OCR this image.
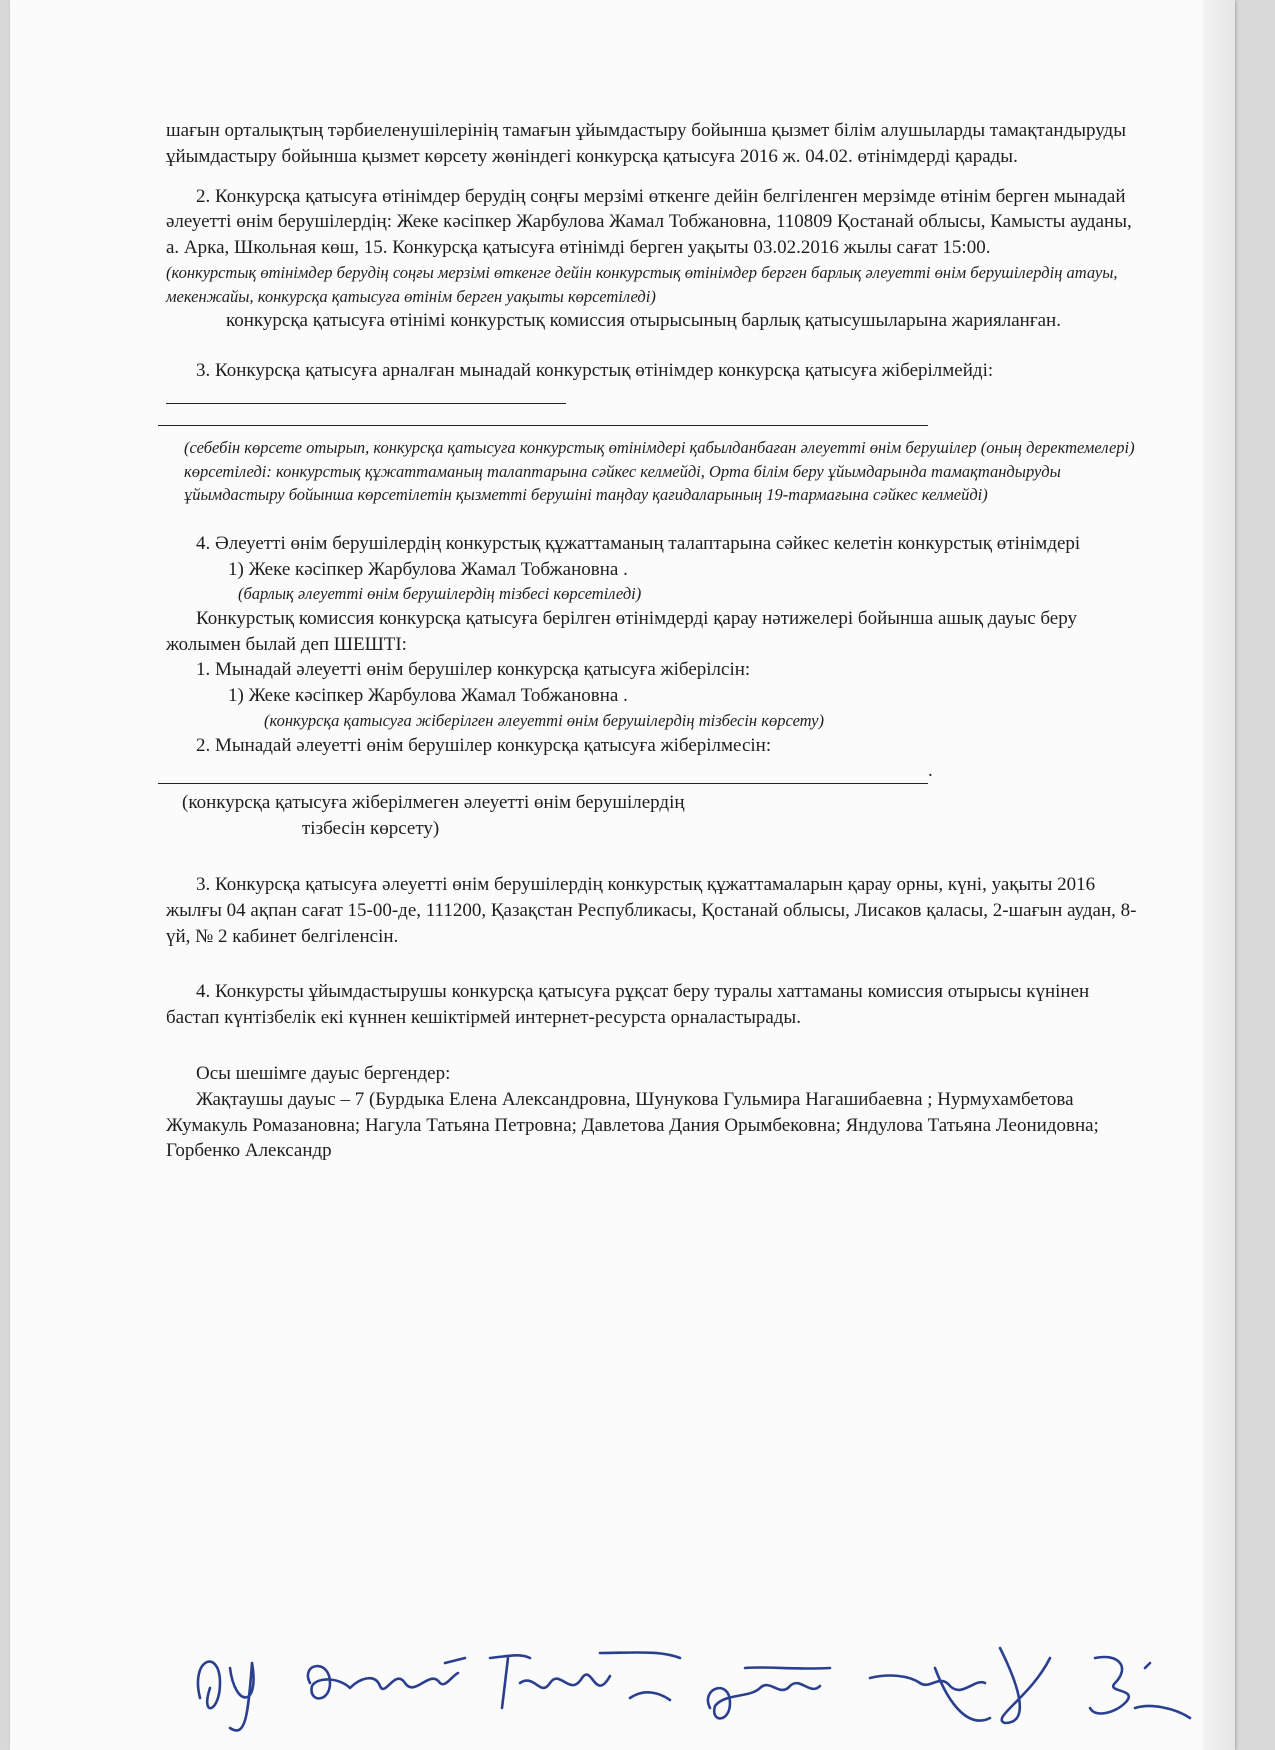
шағын орталықтың тәрбиеленушілерінің тамағын ұйымдастыру бойынша қызмет білім алушыларды тамақтандыруды ұйымдастыру бойынша қызмет көрсету жөніндегі конкурсқа қатысуға 2016 ж. 04.02. өтінімдерді қарады.

2. Конкурсқа қатысуға өтінімдер берудің соңғы мерзімі өткенге дейін белгіленген мерзімде өтінім берген мынадай әлеуетті өнім берушілердің: Жеке кәсіпкер Жарбулова Жамал Тобжановна, 110809 Қостанай облысы, Камысты ауданы, а. Арка, Школьная көш, 15. Конкурсқа қатысуға өтінімді берген уақыты 03.02.2016 жылы сағат 15:00.

(конкурстық өтінімдер берудің соңғы мерзімі өткенге дейін конкурстық өтінімдер берген барлық әлеуетті өнім берушілердің атауы, мекенжайы, конкурсқа қатысуға өтінім берген уақыты көрсетіледі)

конкурсқа қатысуға өтінімі конкурстық комиссия отырысының барлық қатысушыларына жарияланған.

3. Конкурсқа қатысуға арналған мынадай конкурстық өтінімдер конкурсқа қатысуға жіберілмейді:

(себебін көрсете отырып, конкурсқа қатысуға конкурстық өтінімдері қабылданбаған әлеуетті өнім берушілер (оның деректемелері) көрсетіледі: конкурстық құжаттаманың талаптарына сәйкес келмейді, Орта білім беру ұйымдарында тамақтандыруды ұйымдастыру бойынша көрсетілетін қызметті берушіні таңдау қағидаларының 19-тармағына сәйкес келмейді)

4. Әлеуетті өнім берушілердің конкурстық құжаттаманың талаптарына сәйкес келетін конкурстық өтінімдері

1) Жеке кәсіпкер Жарбулова Жамал Тобжановна .

(барлық әлеуетті өнім берушілердің тізбесі көрсетіледі)

Конкурстық комиссия конкурсқа қатысуға берілген өтінімдерді қарау нәтижелері бойынша ашық дауыс беру жолымен былай деп ШЕШТІ:

1. Мынадай әлеуетті өнім берушілер конкурсқа қатысуға жіберілсін:

1) Жеке кәсіпкер Жарбулова Жамал Тобжановна .

(конкурсқа қатысуға жіберілген әлеуетті өнім берушілердің тізбесін көрсету)

2. Мынадай әлеуетті өнім берушілер конкурсқа қатысуға жіберілмесін:

.

(конкурсқа қатысуға жіберілмеген әлеуетті өнім берушілердің

тізбесін көрсету)

3. Конкурсқа қатысуға әлеуетті өнім берушілердің конкурстық құжаттамаларын қарау орны, күні, уақыты 2016 жылғы 04 ақпан сағат 15-00-де, 111200, Қазақстан Республикасы, Қостанай облысы, Лисаков қаласы, 2-шағын аудан, 8-үй, № 2 кабинет белгіленсін.

4. Конкурсты ұйымдастырушы конкурсқа қатысуға рұқсат беру туралы хаттаманы комиссия отырысы күнінен бастап күнтізбелік екі күннен кешіктірмей интернет-ресурста орналастырады.

Осы шешімге дауыс бергендер:

Жақтаушы дауыс – 7 (Бурдыка Елена Александровна, Шунукова Гульмира Нагашибаевна ; Нурмухамбетова Жумакуль Ромазановна; Нагула Татьяна Петровна; Давлетова Дания Орымбековна; Яндулова Татьяна Леонидовна; Горбенко Александр
